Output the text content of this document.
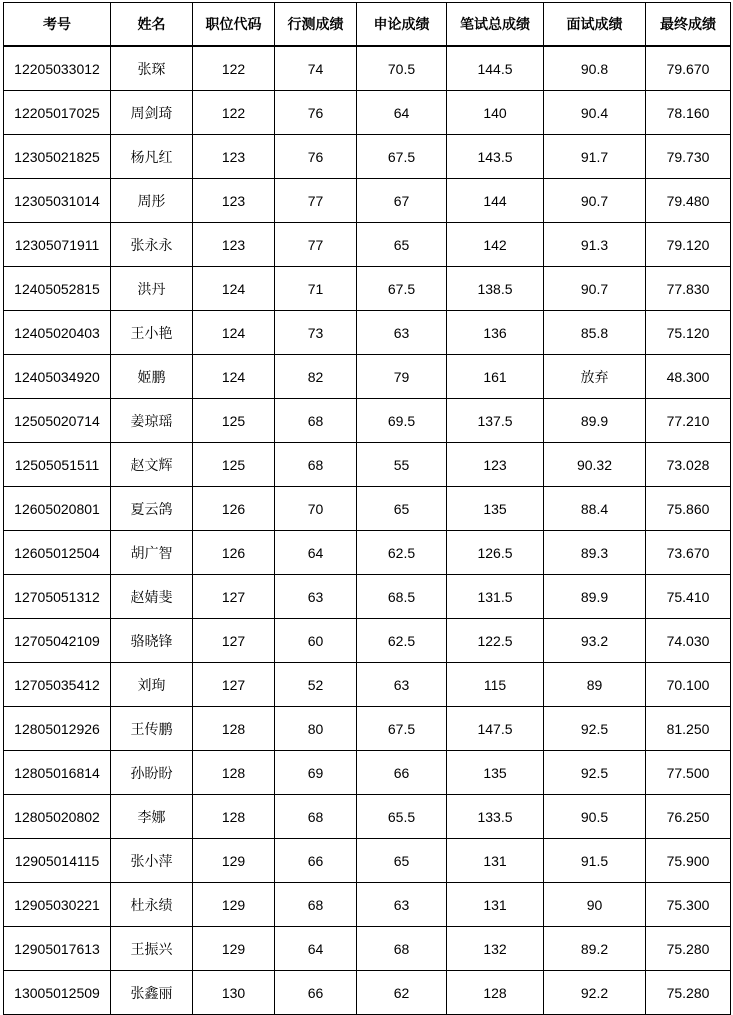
考号	姓名	职位代码	行测成绩	申论成绩	笔试总成绩	面试成绩	最终成绩
12205033012	张琛	122	74	70.5	144.5	90.8	79.670
12205017025	周剑琦	122	76	64	140	90.4	78.160
12305021825	杨凡红	123	76	67.5	143.5	91.7	79.730
12305031014	周彤	123	77	67	144	90.7	79.480
12305071911	张永永	123	77	65	142	91.3	79.120
12405052815	洪丹	124	71	67.5	138.5	90.7	77.830
12405020403	王小艳	124	73	63	136	85.8	75.120
12405034920	姬鹏	124	82	79	161	放弃	48.300
12505020714	姜琼瑶	125	68	69.5	137.5	89.9	77.210
12505051511	赵文辉	125	68	55	123	90.32	73.028
12605020801	夏云鸽	126	70	65	135	88.4	75.860
12605012504	胡广智	126	64	62.5	126.5	89.3	73.670
12705051312	赵婧斐	127	63	68.5	131.5	89.9	75.410
12705042109	骆晓锋	127	60	62.5	122.5	93.2	74.030
12705035412	刘珣	127	52	63	115	89	70.100
12805012926	王传鹏	128	80	67.5	147.5	92.5	81.250
12805016814	孙盼盼	128	69	66	135	92.5	77.500
12805020802	李娜	128	68	65.5	133.5	90.5	76.250
12905014115	张小萍	129	66	65	131	91.5	75.900
12905030221	杜永绩	129	68	63	131	90	75.300
12905017613	王振兴	129	64	68	132	89.2	75.280
13005012509	张鑫丽	130	66	62	128	92.2	75.280
